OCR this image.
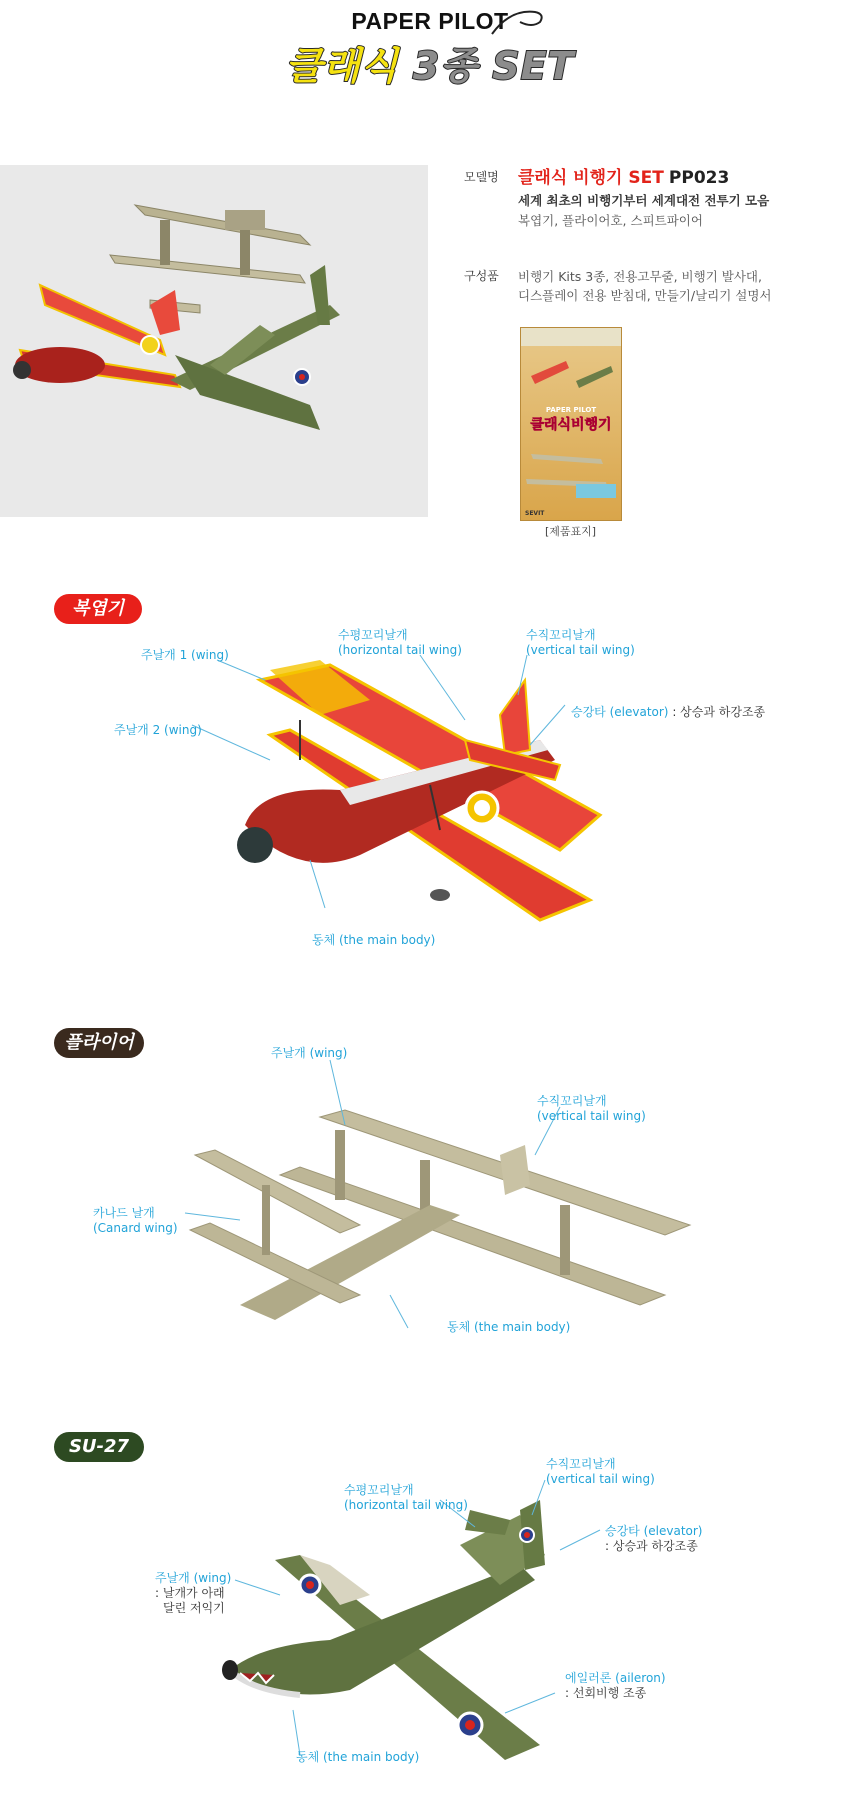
PAPER PILOT
클래식 3종 SET
모델명 클래식 비행기 SET PP023
세계 최초의 비행기부터 세계대전 전투기 모음
복엽기, 플라이어호, 스피트파이어
구성품 비행기 Kits 3종, 전용고무줄, 비행기 발사대,
디스플레이 전용 받침대, 만들기/날리기 설명서
PAPER PILOT
클래식비행기
SEVIT
[제품표지]
복엽기
주날개 1 (wing)
주날개 2 (wing)
수평꼬리날개
(horizontal tail wing)
수직꼬리날개
(vertical tail wing)
승강타 (elevator) : 상승과 하강조종
동체 (the main body)
플라이어	주날개 (wing)
수직꼬리날개
(vertical tail wing)
카나드 날개
(Canard wing)
동체 (the main body)
SU-27
수평꼬리날개
(horizontal tail wing)
수직꼬리날개
(vertical tail wing)
승강타 (elevator)
: 상승과 하강조종
주날개 (wing)
: 날개가 아래
달린 저익기
에일러론 (aileron)
: 선회비행 조종
동체 (the main body)
